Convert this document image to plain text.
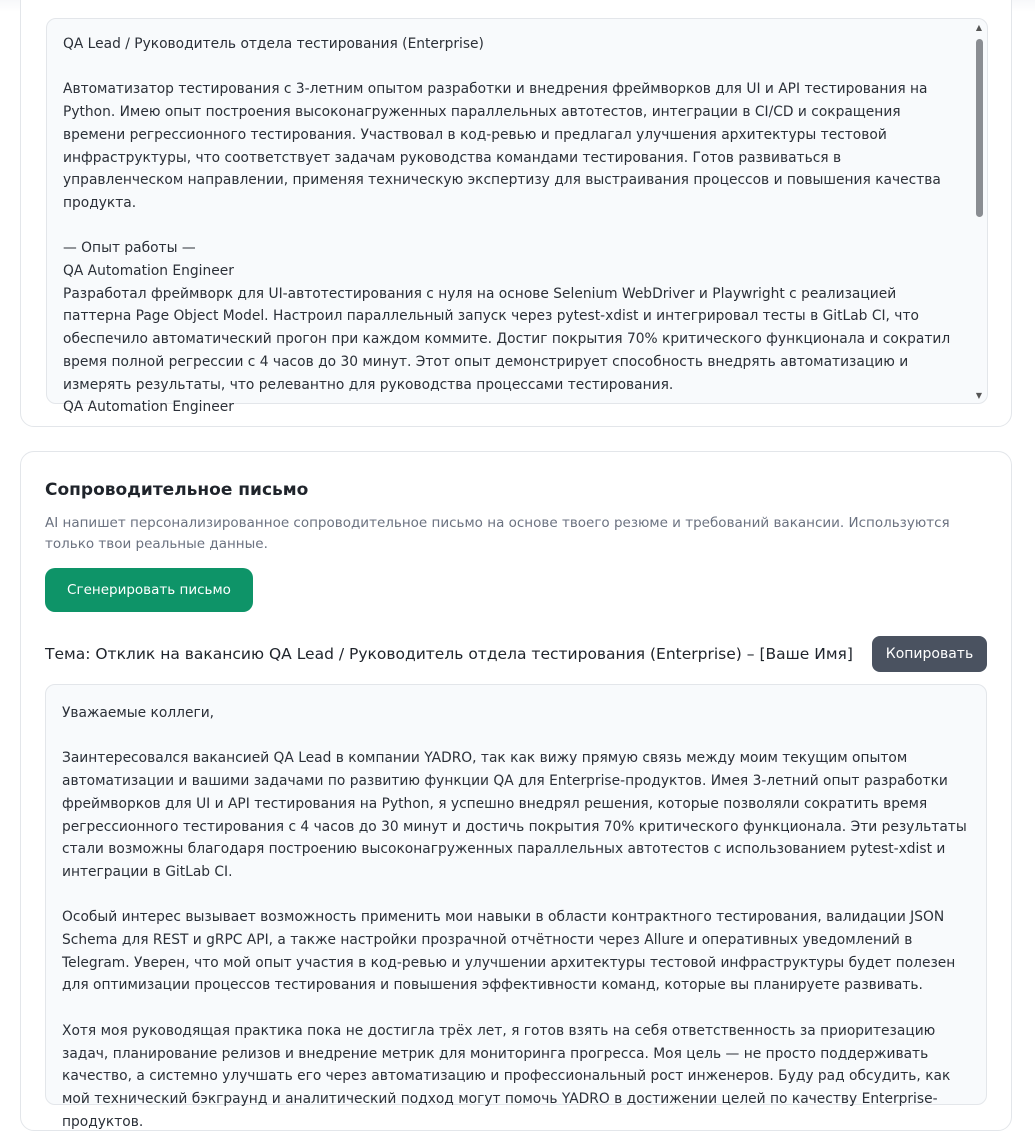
QA Lead / Руководитель отдела тестирования (Enterprise)

Автоматизатор тестирования с 3-летним опытом разработки и внедрения фреймворков для UI и API тестирования на Python. Имею опыт построения высоконагруженных параллельных автотестов, интеграции в CI/CD и сокращения времени регрессионного тестирования. Участвовал в код-ревью и предлагал улучшения архитектуры тестовой инфраструктуры, что соответствует задачам руководства командами тестирования. Готов развиваться в управленческом направлении, применяя техническую экспертизу для выстраивания процессов и повышения качества продукта.

— Опыт работы —
QA Automation Engineer
Разработал фреймворк для UI-автотестирования с нуля на основе Selenium WebDriver и Playwright с реализацией паттерна Page Object Model. Настроил параллельный запуск через pytest-xdist и интегрировал тесты в GitLab CI, что обеспечило автоматический прогон при каждом коммите. Достиг покрытия 70% критического функционала и сократил время полной регрессии с 4 часов до 30 минут. Этот опыт демонстрирует способность внедрять автоматизацию и измерять результаты, что релевантно для руководства процессами тестирования.
QA Automation Engineer
▲
▼
Сопроводительное письмо
AI напишет персонализированное сопроводительное письмо на основе твоего резюме и требований вакансии. Используются только твои реальные данные.
Сгенерировать письмо
Тема: Отклик на вакансию QA Lead / Руководитель отдела тестирования (Enterprise) – [Ваше Имя]	Копировать
Уважаемые коллеги,

Заинтересовался вакансией QA Lead в компании YADRO, так как вижу прямую связь между моим текущим опытом автоматизации и вашими задачами по развитию функции QA для Enterprise-продуктов. Имея 3-летний опыт разработки фреймворков для UI и API тестирования на Python, я успешно внедрял решения, которые позволяли сократить время регрессионного тестирования с 4 часов до 30 минут и достичь покрытия 70% критического функционала. Эти результаты стали возможны благодаря построению высоконагруженных параллельных автотестов с использованием pytest-xdist и интеграции в GitLab CI.

Особый интерес вызывает возможность применить мои навыки в области контрактного тестирования, валидации JSON Schema для REST и gRPC API, а также настройки прозрачной отчётности через Allure и оперативных уведомлений в Telegram. Уверен, что мой опыт участия в код-ревью и улучшении архитектуры тестовой инфраструктуры будет полезен для оптимизации процессов тестирования и повышения эффективности команд, которые вы планируете развивать.

Хотя моя руководящая практика пока не достигла трёх лет, я готов взять на себя ответственность за приоритезацию задач, планирование релизов и внедрение метрик для мониторинга прогресса. Моя цель — не просто поддерживать качество, а системно улучшать его через автоматизацию и профессиональный рост инженеров. Буду рад обсудить, как мой технический бэкграунд и аналитический подход могут помочь YADRO в достижении целей по качеству Enterprise-продуктов.
